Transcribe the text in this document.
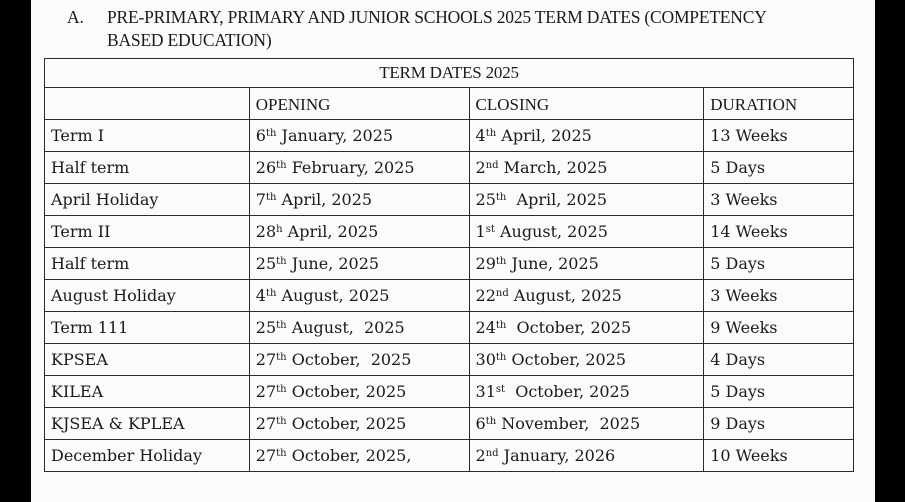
A. PRE-PRIMARY, PRIMARY AND JUNIOR SCHOOLS 2025 TERM DATES (COMPETENCY
BASED EDUCATION)
TERM DATES 2025			
	OPENING	CLOSING	DURATION
Term I	6th January, 2025	4th April, 2025	13 Weeks
Half term	26th February, 2025	2nd March, 2025	5 Days
April Holiday	7th April, 2025	25th  April, 2025	3 Weeks
Term II	28$^h$ April, 2025	1st August, 2025	14 Weeks
Half term	25th June, 2025	29th June, 2025	5 Days
August Holiday	4th August, 2025	22nd August, 2025	3 Weeks
Term 111	25th August,  2025	24th  October, 2025	9 Weeks
KPSEA	27th October,  2025	30th October, 2025	4 Days
KILEA	27th October, 2025	31st  October, 2025	5 Days
KJSEA & KPLEA	27th October, 2025	6th November,  2025	9 Days
December Holiday	27th October, 2025,	2nd January, 2026	10 Weeks
